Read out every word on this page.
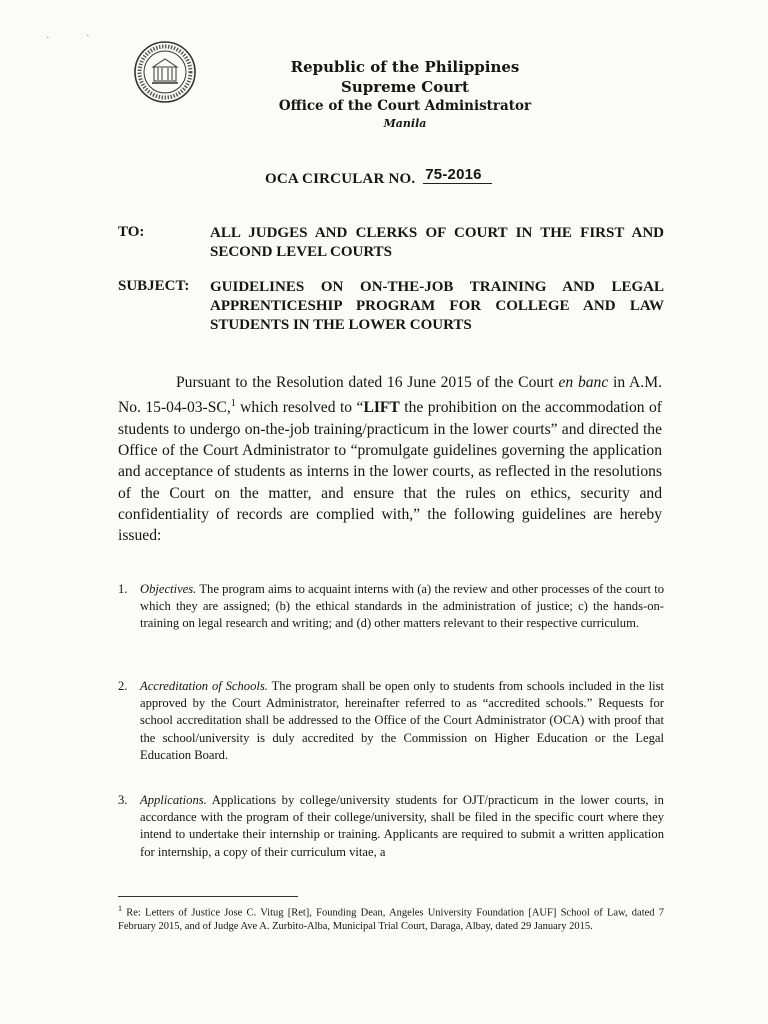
·	·
Republic of the Philippines
Supreme Court
Office of the Court Administrator
Manila
OCA CIRCULAR NO. 75-2016
TO:	ALL JUDGES AND CLERKS OF COURT IN THE FIRST AND SECOND LEVEL COURTS
SUBJECT: GUIDELINES ON ON-THE-JOB TRAINING AND LEGAL APPRENTICESHIP PROGRAM FOR COLLEGE AND LAW STUDENTS IN THE LOWER COURTS
Pursuant to the Resolution dated 16 June 2015 of the Court en banc in A.M. No. 15-04-03-SC,$^1$ which resolved to “LIFT the prohibition on the accommodation of students to undergo on-the-job training/practicum in the lower courts” and directed the Office of the Court Administrator to “promulgate guidelines governing the application and acceptance of students as interns in the lower courts, as reflected in the resolutions of the Court on the matter, and ensure that the rules on ethics, security and confidentiality of records are complied with,” the following guidelines are hereby issued:
1. Objectives. The program aims to acquaint interns with (a) the review and other processes of the court to which they are assigned; (b) the ethical standards in the administration of justice; c) the hands-on-training on legal research and writing; and (d) other matters relevant to their respective curriculum.
2. Accreditation of Schools. The program shall be open only to students from schools included in the list approved by the Court Administrator, hereinafter referred to as “accredited schools.” Requests for school accreditation shall be addressed to the Office of the Court Administrator (OCA) with proof that the school/university is duly accredited by the Commission on Higher Education or the Legal Education Board.
3. Applications. Applications by college/university students for OJT/practicum in the lower courts, in accordance with the program of their college/university, shall be filed in the specific court where they intend to undertake their internship or training. Applicants are required to submit a written application for internship, a copy of their curriculum vitae, a
$^1$ Re: Letters of Justice Jose C. Vitug [Ret], Founding Dean, Angeles University Foundation [AUF] School of Law, dated 7 February 2015, and of Judge Ave A. Zurbito-Alba, Municipal Trial Court, Daraga, Albay, dated 29 January 2015.
